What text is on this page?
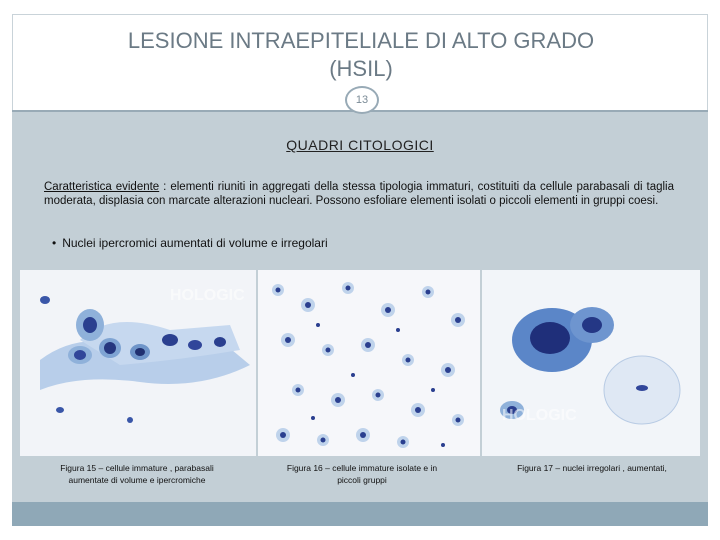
LESIONE INTRAEPITELIALE DI ALTO GRADO
(HSIL)
13
QUADRI CITOLOGICI
Caratteristica evidente : elementi riuniti in aggregati della stessa tipologia immaturi, costituiti da cellule parabasali di taglia moderata, displasia con marcate alterazioni nucleari. Possono esfoliare elementi isolati o piccoli elementi in gruppi coesi.
• Nuclei ipercromici aumentati di volume e irregolari
HOLOGIC
HOLOGIC
Figura 15 – cellule immature , parabasali
aumentate di volume e ipercromiche
Figura 16 – cellule immature isolate e in
piccoli gruppi
Figura 17 – nuclei irregolari , aumentati,
